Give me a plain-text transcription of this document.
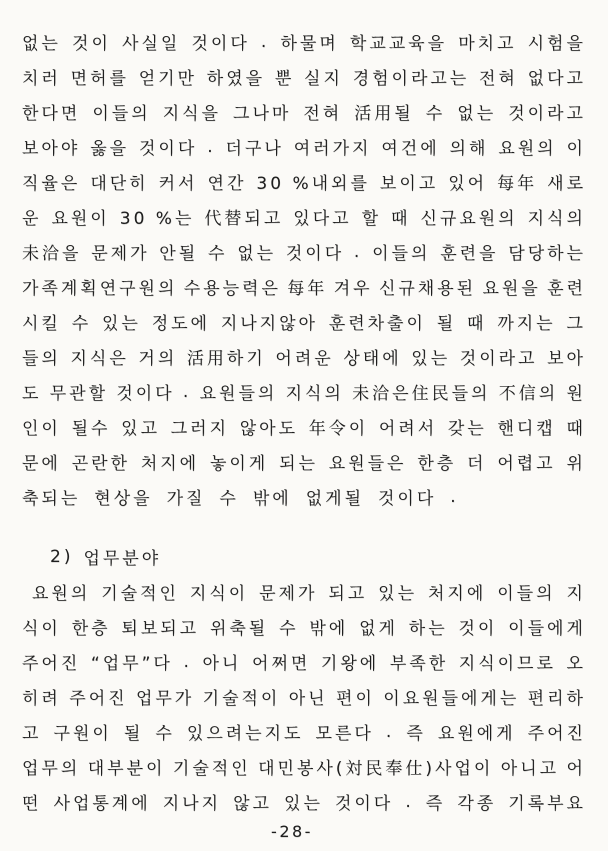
없는 것이 사실일 것이다 . 하물며 학교교육을 마치고 시험을
치러 면허를 얻기만 하였을 뿐 실지 경험이라고는 전혀 없다고
한다면 이들의 지식을 그나마 전혀 活用될 수 없는 것이라고
보아야 옳을 것이다 . 더구나 여러가지 여건에 의해 요원의 이
직율은 대단히 커서 연간 30 %내외를 보이고 있어 每年 새로
운 요원이 30 %는 代替되고 있다고 할 때 신규요원의 지식의
未洽을 문제가 안될 수 없는 것이다 . 이들의 훈련을 담당하는
가족계획연구원의 수용능력은 每年 겨우 신규채용된 요원을 훈련
시킬 수 있는 정도에 지나지않아 훈련차출이 될 때 까지는 그
들의 지식은 거의 活用하기 어려운 상태에 있는 것이라고 보아
도 무관할 것이다 . 요원들의 지식의 未洽은住民들의 不信의 원
인이 될수 있고 그러지 않아도 年令이 어려서 갖는 핸디캡 때
문에 곤란한 처지에 놓이게 되는 요원들은 한층 더 어렵고 위
축되는 현상을 가질 수 밖에 없게될 것이다 .
2) 업무분야
요원의 기술적인 지식이 문제가 되고 있는 처지에 이들의 지
식이 한층 퇴보되고 위축될 수 밖에 없게 하는 것이 이들에게
주어진 “업무”다 . 아니 어쩌면 기왕에 부족한 지식이므로 오
히려 주어진 업무가 기술적이 아닌 편이 이요원들에게는 편리하
고 구원이 될 수 있으려는지도 모른다 . 즉 요원에게 주어진
업무의 대부분이 기술적인 대민봉사(対民奉仕)사업이 아니고 어
떤 사업통계에 지나지 않고 있는 것이다 . 즉 각종 기록부요
-28-
